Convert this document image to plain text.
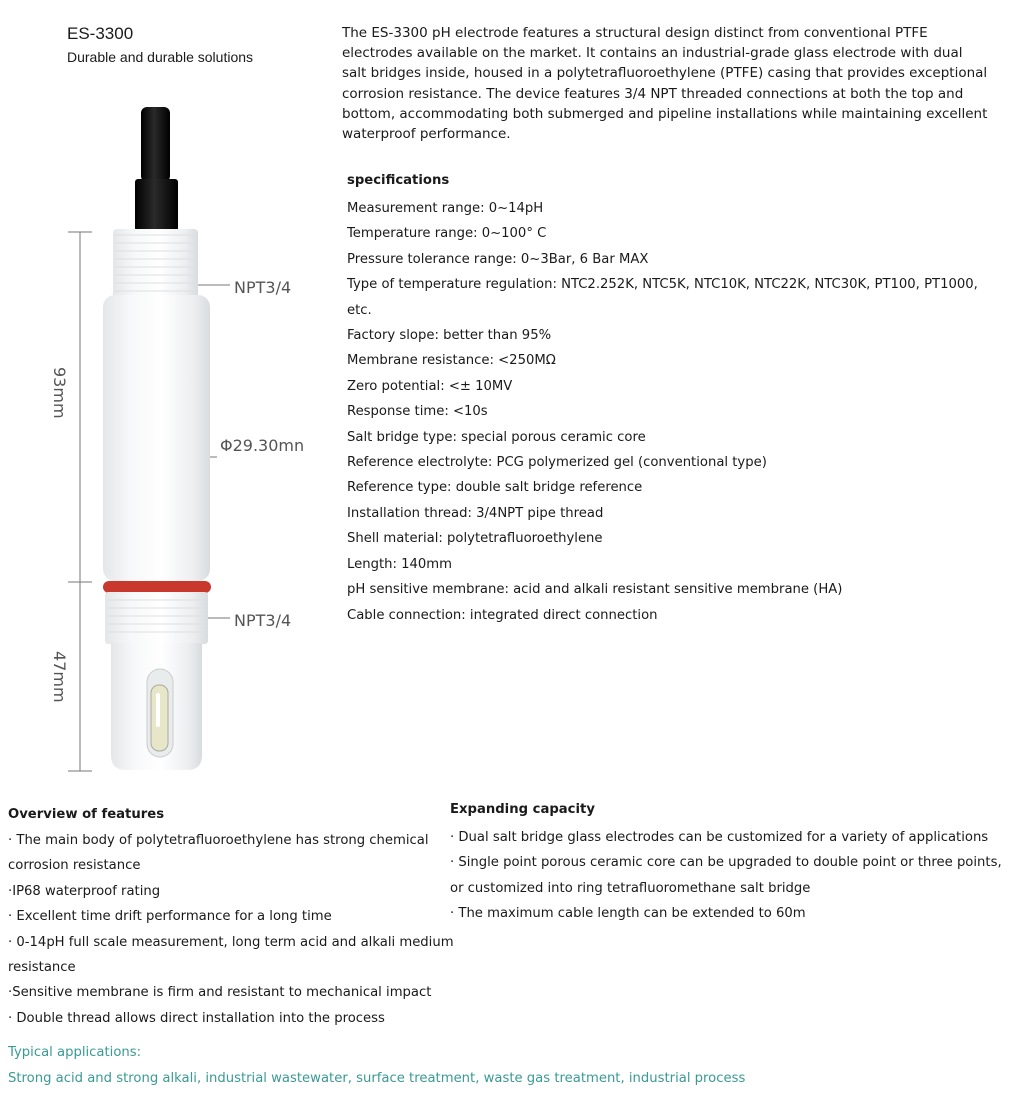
ES-3300
Durable and durable solutions
The ES-3300 pH electrode features a structural design distinct from conventional PTFE electrodes available on the market. It contains an industrial-grade glass electrode with dual salt bridges inside, housed in a polytetrafluoroethylene (PTFE) casing that provides exceptional corrosion resistance. The device features 3/4 NPT threaded connections at both the top and bottom, accommodating both submerged and pipeline installations while maintaining excellent waterproof performance.
93mm
47mm
NPT3/4
Φ29.30mn
NPT3/4
specifications
Measurement range: 0~14pH
Temperature range: 0~100° C
Pressure tolerance range: 0~3Bar, 6 Bar MAX
Type of temperature regulation: NTC2.252K, NTC5K, NTC10K, NTC22K, NTC30K, PT100, PT1000,
etc.
Factory slope: better than 95%
Membrane resistance: <250MΩ
Zero potential: <± 10MV
Response time: <10s
Salt bridge type: special porous ceramic core
Reference electrolyte: PCG polymerized gel (conventional type)
Reference type: double salt bridge reference
Installation thread: 3/4NPT pipe thread
Shell material: polytetrafluoroethylene
Length: 140mm
pH sensitive membrane: acid and alkali resistant sensitive membrane (HA)
Cable connection: integrated direct connection
Overview of features
· The main body of polytetrafluoroethylene has strong chemical
corrosion resistance
·IP68 waterproof rating
· Excellent time drift performance for a long time
· 0-14pH full scale measurement, long term acid and alkali medium
resistance
·Sensitive membrane is firm and resistant to mechanical impact
· Double thread allows direct installation into the process
Expanding capacity
· Dual salt bridge glass electrodes can be customized for a variety of applications
· Single point porous ceramic core can be upgraded to double point or three points,
or customized into ring tetrafluoromethane salt bridge
· The maximum cable length can be extended to 60m
Typical applications:
Strong acid and strong alkali, industrial wastewater, surface treatment, waste gas treatment, industrial process
